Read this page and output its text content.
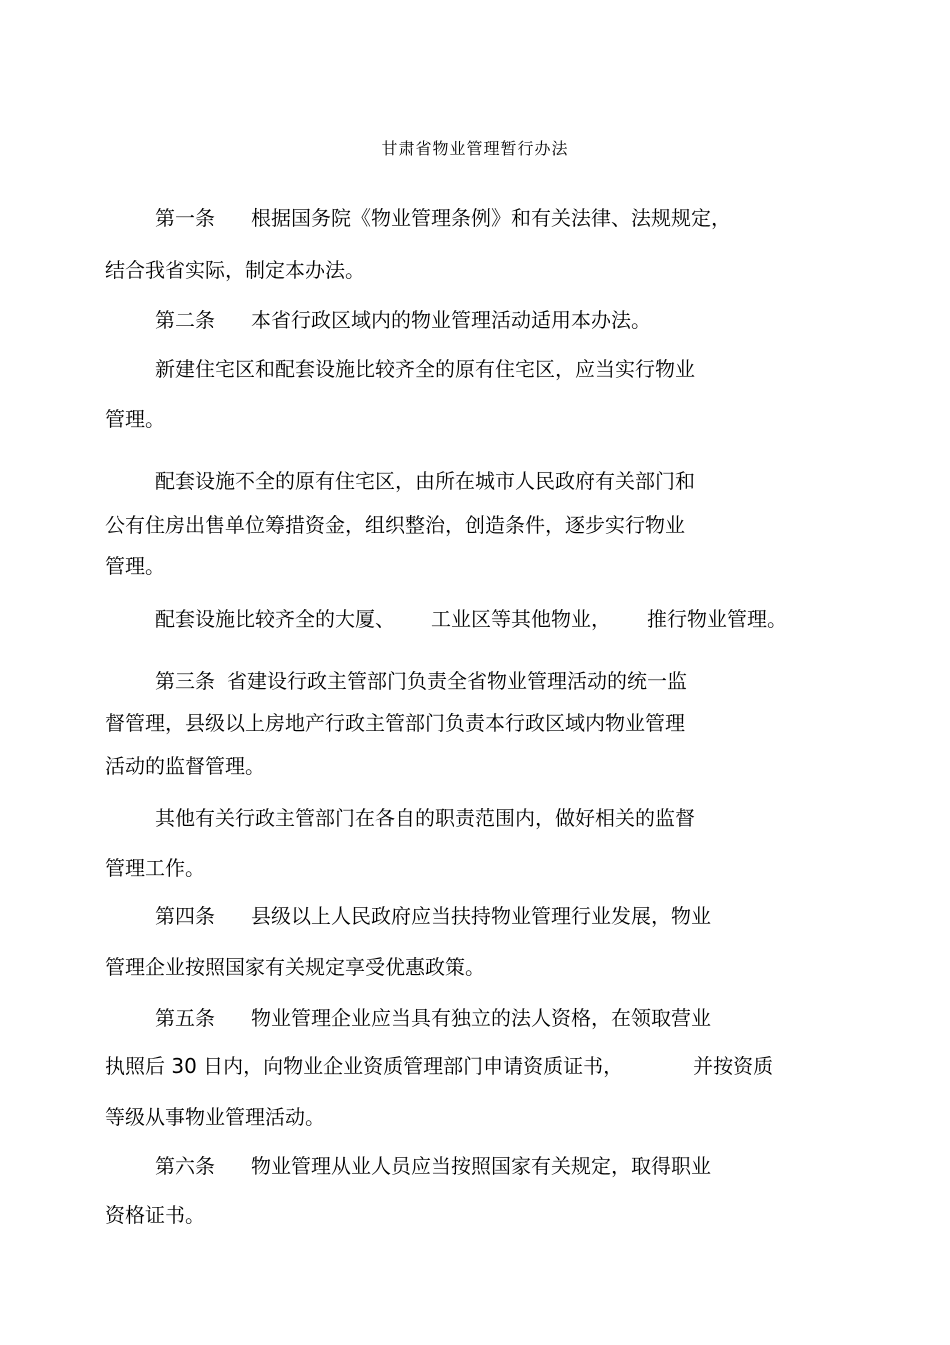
甘肃省物业管理暂行办法
第一条 根据国务院《物业管理条例》和有关法律、法规规定，
结合我省实际，制定本办法。
第二条 本省行政区域内的物业管理活动适用本办法。
新建住宅区和配套设施比较齐全的原有住宅区，应当实行物业
管理。
配套设施不全的原有住宅区，由所在城市人民政府有关部门和
公有住房出售单位筹措资金，组织整治，创造条件，逐步实行物业
管理。
配套设施比较齐全的大厦、 工业区等其他物业， 推行物业管理。
第三条 省建设行政主管部门负责全省物业管理活动的统一监
督管理，县级以上房地产行政主管部门负责本行政区域内物业管理
活动的监督管理。
其他有关行政主管部门在各自的职责范围内，做好相关的监督
管理工作。
第四条 县级以上人民政府应当扶持物业管理行业发展，物业
管理企业按照国家有关规定享受优惠政策。
第五条 物业管理企业应当具有独立的法人资格，在领取营业
执照后 30 日内，向物业企业资质管理部门申请资质证书，	并按资质
等级从事物业管理活动。
第六条 物业管理从业人员应当按照国家有关规定，取得职业
资格证书。
